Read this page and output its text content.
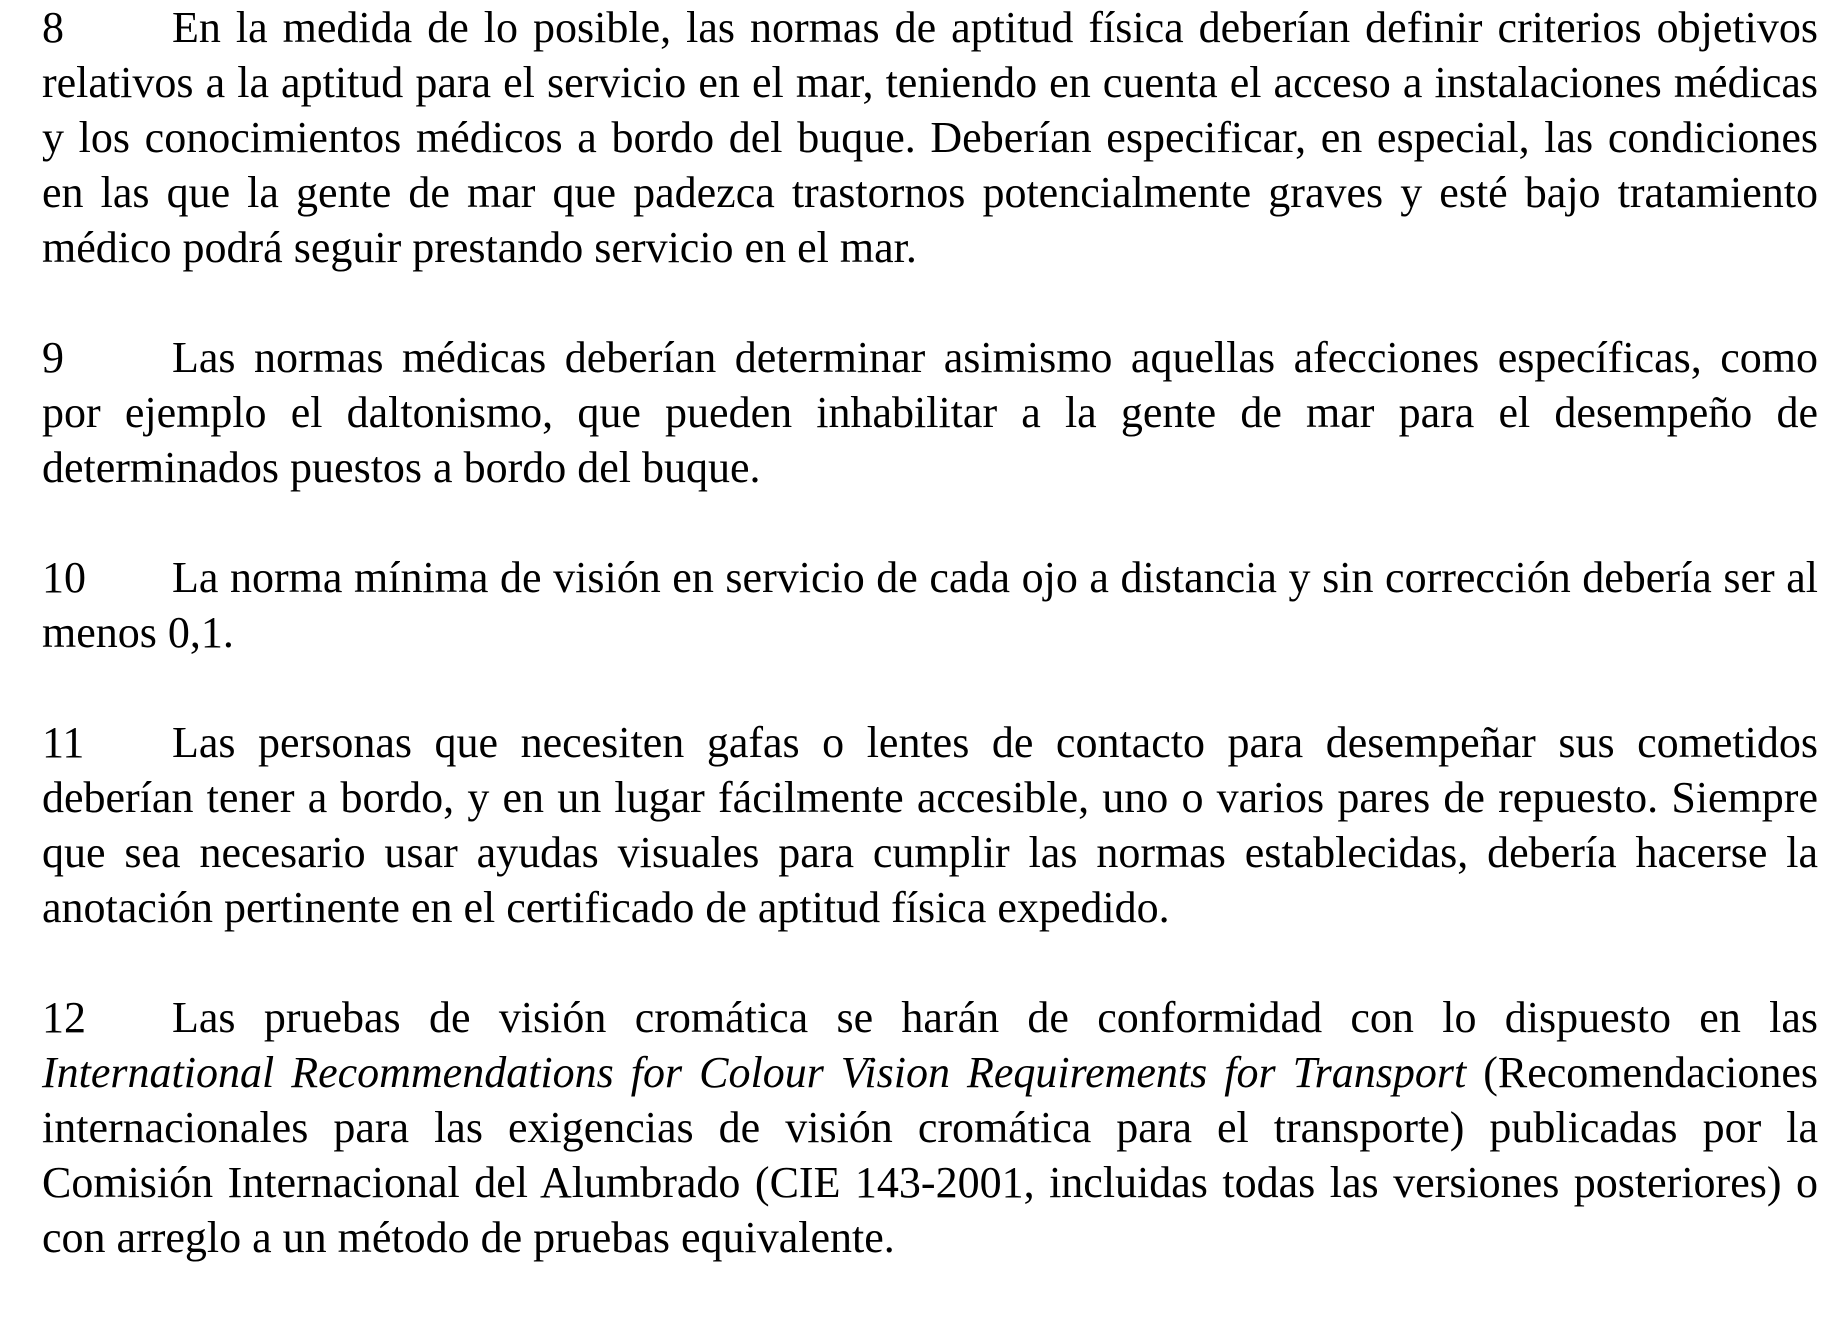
8 En la medida de lo posible, las normas de aptitud física deberían definir criterios objetivos relativos a la aptitud para el servicio en el mar, teniendo en cuenta el acceso a instalaciones médicas y los conocimientos médicos a bordo del buque. Deberían especificar, en especial, las condiciones en las que la gente de mar que padezca trastornos potencialmente graves y esté bajo tratamiento médico podrá seguir prestando servicio en el mar.

9 Las normas médicas deberían determinar asimismo aquellas afecciones específicas, como por ejemplo el daltonismo, que pueden inhabilitar a la gente de mar para el desempeño de determinados puestos a bordo del buque.

10 La norma mínima de visión en servicio de cada ojo a distancia y sin corrección debería ser al menos 0,1.

11 Las personas que necesiten gafas o lentes de contacto para desempeñar sus cometidos deberían tener a bordo, y en un lugar fácilmente accesible, uno o varios pares de repuesto. Siempre que sea necesario usar ayudas visuales para cumplir las normas establecidas, debería hacerse la anotación pertinente en el certificado de aptitud física expedido.

12 Las pruebas de visión cromática se harán de conformidad con lo dispuesto en las International Recommendations for Colour Vision Requirements for Transport (Recomendaciones internacionales para las exigencias de visión cromática para el transporte) publicadas por la Comisión Internacional del Alumbrado (CIE 143-2001, incluidas todas las versiones posteriores) o con arreglo a un método de pruebas equivalente.
